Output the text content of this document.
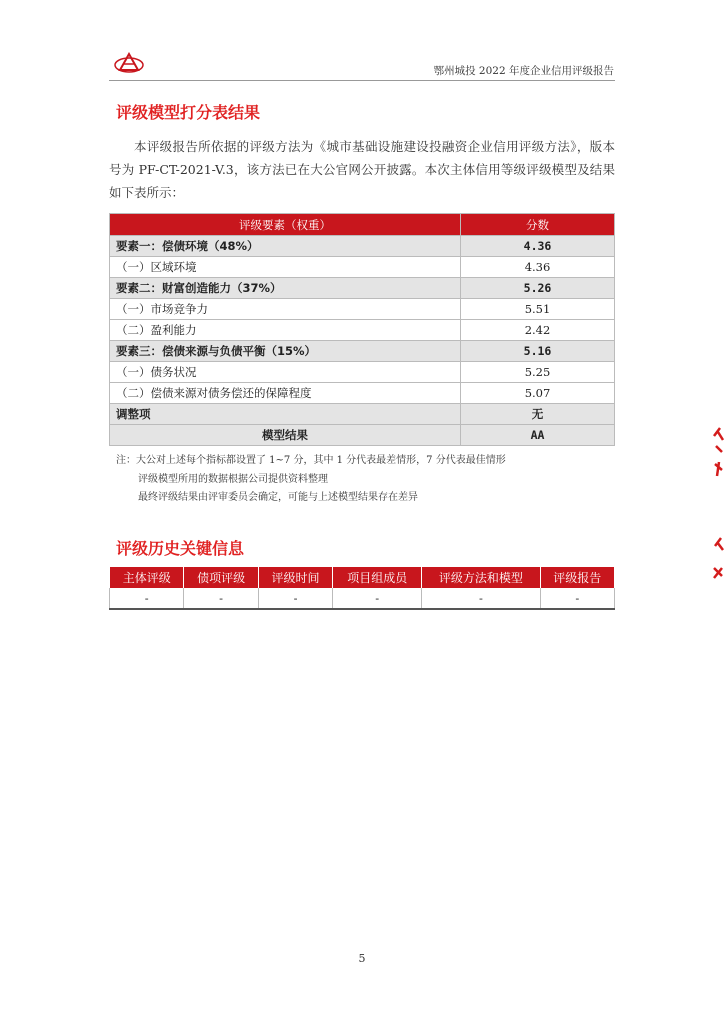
鄂州城投 2022 年度企业信用评级报告
评级模型打分表结果
本评级报告所依据的评级方法为《城市基础设施建设投融资企业信用评级方法》，版本号为 PF-CT-2021-V.3，该方法已在大公官网公开披露。本次主体信用等级评级模型及结果如下表所示：
评级要素（权重）	分数
要素一：偿债环境（48%）	4.36
（一）区域环境	4.36
要素二：财富创造能力（37%）	5.26
（一）市场竞争力	5.51
（二）盈利能力	2.42
要素三：偿债来源与负债平衡（15%）	5.16
（一）债务状况	5.25
（二）偿债来源对债务偿还的保障程度	5.07
调整项	无
模型结果	AA
注：大公对上述每个指标都设置了 1~7 分，其中 1 分代表最差情形，7 分代表最佳情形
评级模型所用的数据根据公司提供资料整理
最终评级结果由评审委员会确定，可能与上述模型结果存在差异
评级历史关键信息
主体评级	债项评级	评级时间	项目组成员	评级方法和模型	评级报告
-	-	-	-	-	-
5
